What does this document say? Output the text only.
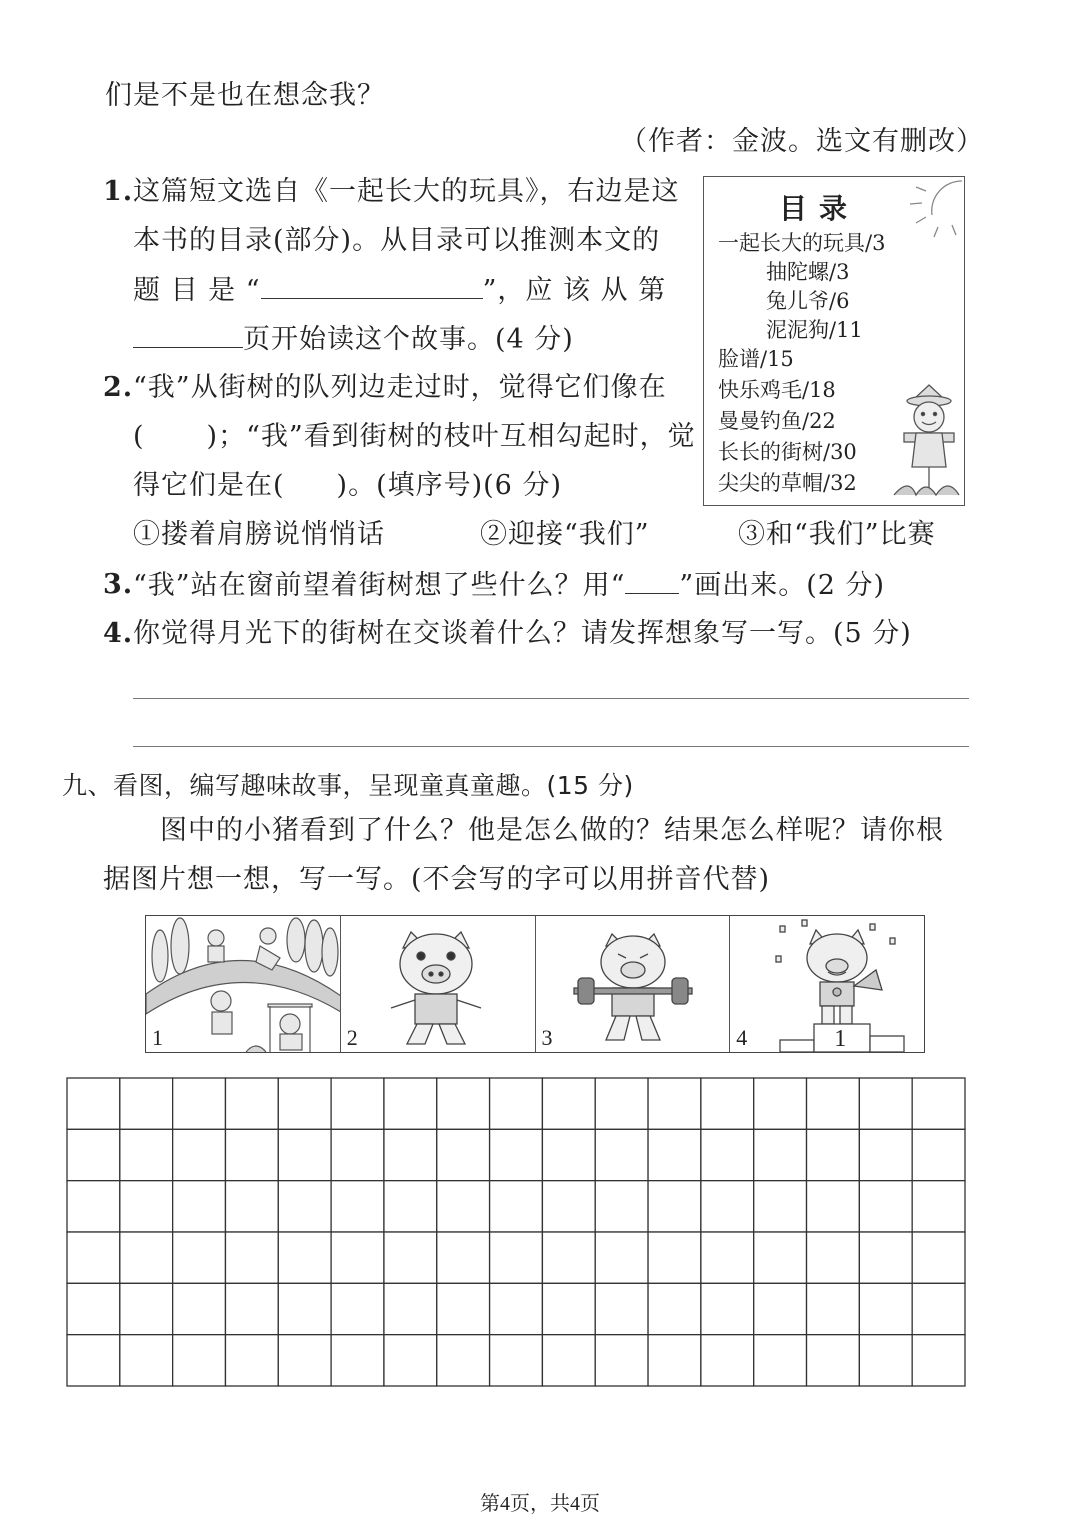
们是不是也在想念我？
（作者：金波。选文有删改）
1. 这篇短文选自《一起长大的玩具》，右边是这
本书的目录(部分)。从目录可以推测本文的
题 目 是 “	”，应 该 从 第
页开始读这个故事。(4 分)
目录
一起长大的玩具/3
抽陀螺/3
兔儿爷/6
泥泥狗/11
脸谱/15
快乐鸡毛/18
曼曼钓鱼/22
长长的街树/30
尖尖的草帽/32
2. “我”从街树的队列边走过时，觉得它们像在
( )；“我”看到街树的枝叶互相勾起时，觉
得它们是在( )。(填序号)(6 分)
①搂着肩膀说悄悄话	②迎接“我们”	③和“我们”比赛
3. “我”站在窗前望着街树想了些什么？用“ ”画出来。(2 分)
4. 你觉得月光下的街树在交谈着什么？请发挥想象写一写。(5 分)
九、看图，编写趣味故事，呈现童真童趣。(15 分)
图中的小猪看到了什么？他是怎么做的？结果怎么样呢？请你根
据图片想一想，写一写。(不会写的字可以用拼音代替)
1	2	3	1
4
第4页，共4页
